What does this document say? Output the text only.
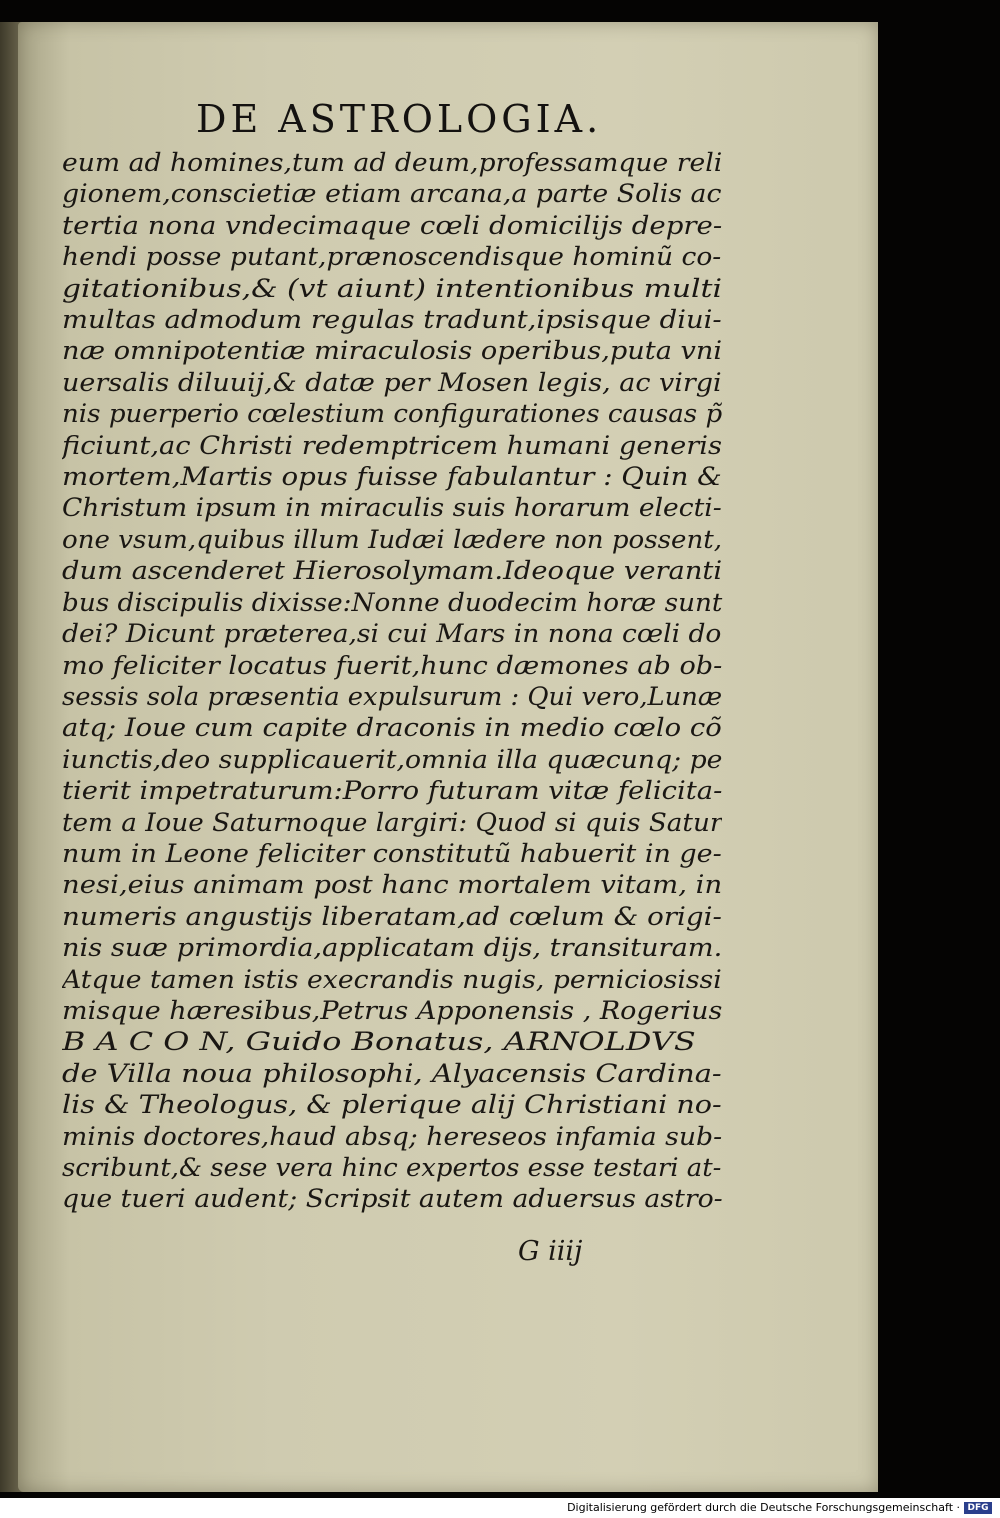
DE ASTROLOGIA.
eum ad homines,tum ad deum,professamque reli
gionem,conscietiæ etiam arcana,a parte Solis ac
tertia nona vndecimaque cœli domicilijs depre-
hendi posse putant,prænoscendisque hominũ co-
gitationibus,& (vt aiunt) intentionibus multi
multas admodum regulas tradunt,ipsisque diui-
næ omnipotentiæ miraculosis operibus,puta vni
uersalis diluuij,& datæ per Mosen legis, ac virgi
nis puerperio cœlestium configurationes causas p̃
ficiunt,ac Christi redemptricem humani generis
mortem,Martis opus fuisse fabulantur : Quin &
Christum ipsum in miraculis suis horarum electi-
one vsum,quibus illum Iudæi lædere non possent,
dum ascenderet Hierosolymam.Ideoque veranti
bus discipulis dixisse:Nonne duodecim horæ sunt
dei? Dicunt præterea,si cui Mars in nona cœli do
mo feliciter locatus fuerit,hunc dæmones ab ob-
sessis sola præsentia expulsurum : Qui vero,Lunæ
atq; Ioue cum capite draconis in medio cœlo cõ
iunctis,deo supplicauerit,omnia illa quæcunq; pe
tierit impetraturum:Porro futuram vitæ felicita-
tem a Ioue Saturnoque largiri: Quod si quis Satur
num in Leone feliciter constitutũ habuerit in ge-
nesi,eius animam post hanc mortalem vitam, in
numeris angustijs liberatam,ad cœlum & origi-
nis suæ primordia,applicatam dijs, transituram.
Atque tamen istis execrandis nugis, perniciosissi
misque hæresibus,Petrus Apponensis , Rogerius
B A C O N, Guido Bonatus, ARNOLDVS
de Villa noua philosophi, Alyacensis Cardina-
lis & Theologus, & plerique alij Christiani no-
minis doctores,haud absq; hereseos infamia sub-
scribunt,& sese vera hinc expertos esse testari at-
que tueri audent; Scripsit autem aduersus astro-
G iiij
Digitalisierung gefördert durch die Deutsche Forschungsgemeinschaft · DFG
